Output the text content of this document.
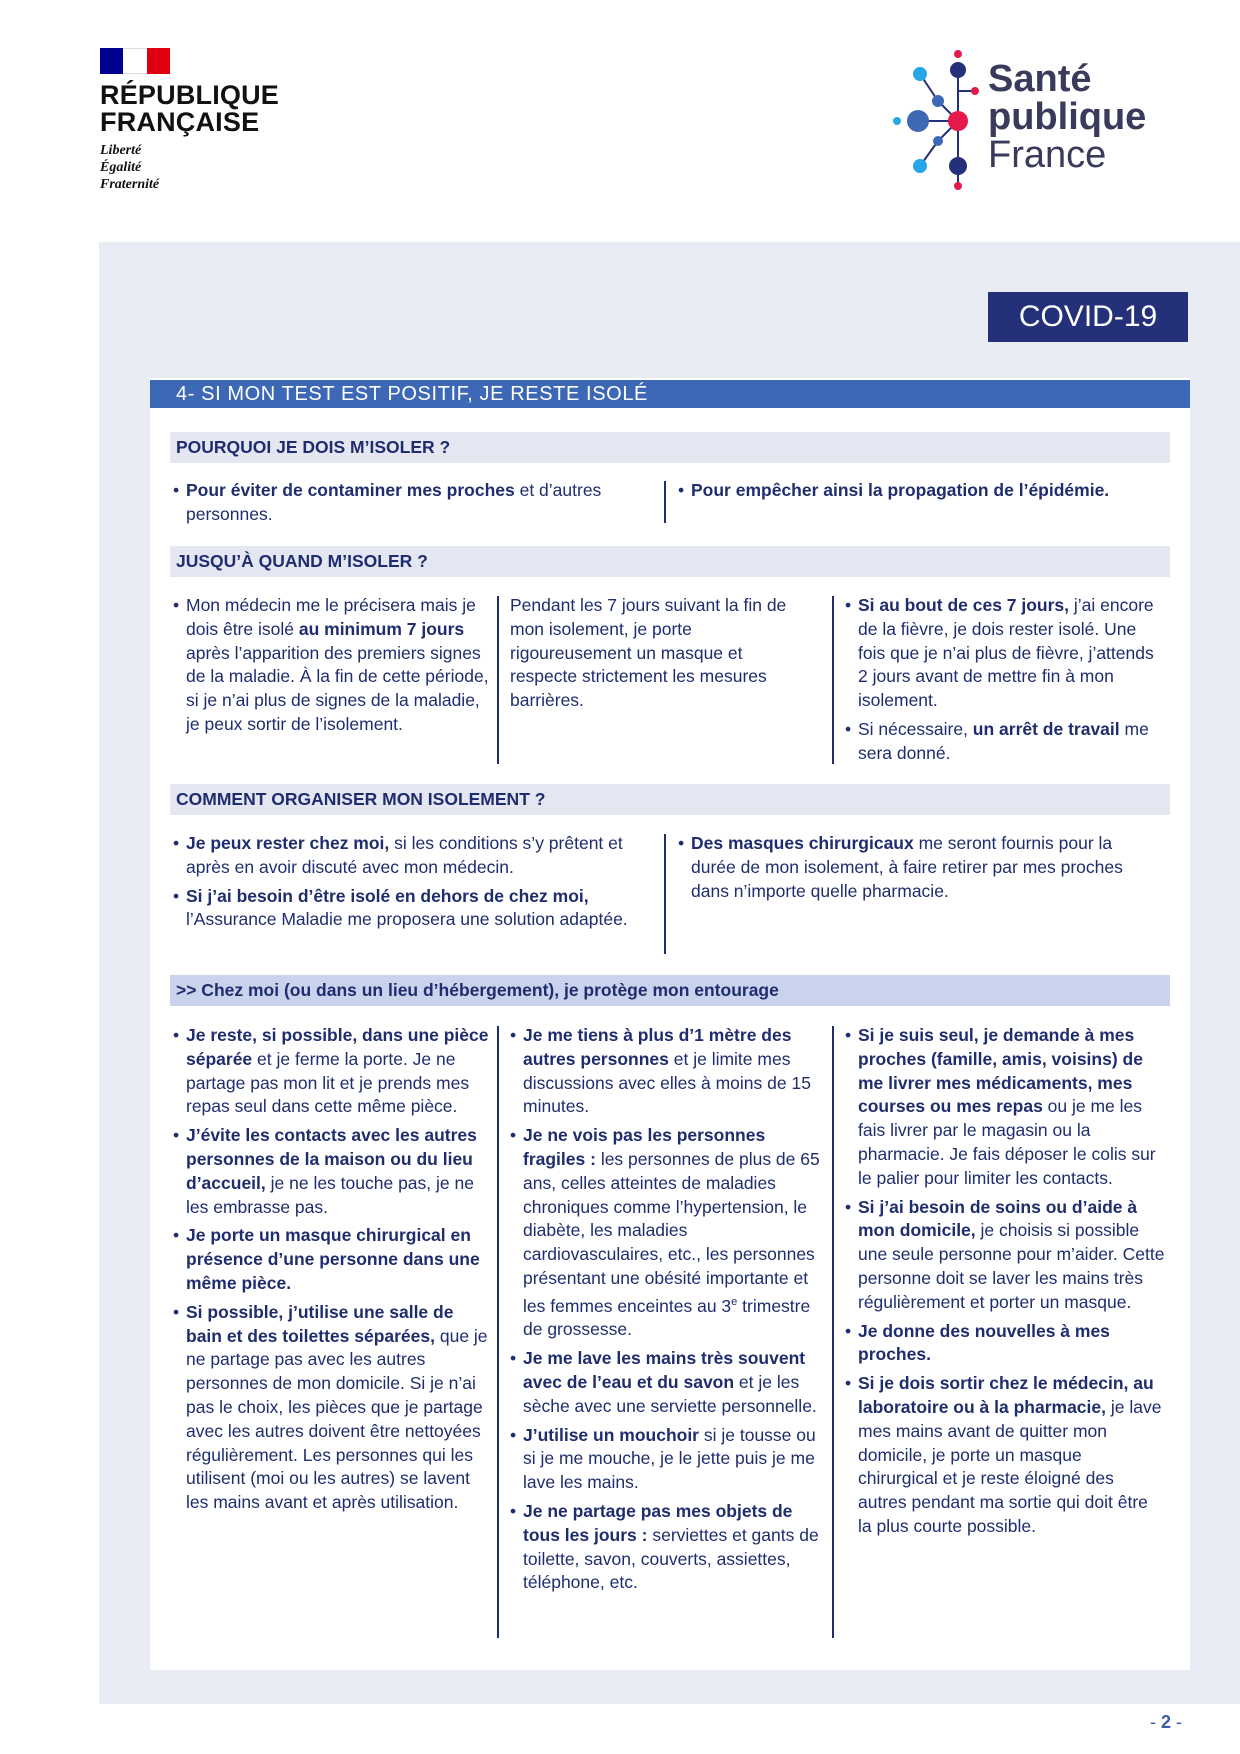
RÉPUBLIQUE
FRANÇAISE
Liberté
Égalité
Fraternité
Santé
publique
France
COVID-19
4- SI MON TEST EST POSITIF, JE RESTE ISOLÉ
POURQUOI JE DOIS M’ISOLER ?
• Pour éviter de contaminer mes proches et d’autres personnes.
• Pour empêcher ainsi la propagation de l’épidémie.
JUSQU’À QUAND M’ISOLER ?
• Mon médecin me le précisera mais je dois être isolé au minimum 7 jours après l’apparition des premiers signes de la maladie. À la fin de cette période, si je n’ai plus de signes de la maladie, je peux sortir de l’isolement.
Pendant les 7 jours suivant la fin de mon isolement, je porte rigoureusement un masque et respecte strictement les mesures barrières.
• Si au bout de ces 7 jours, j’ai encore de la fièvre, je dois rester isolé. Une fois que je n’ai plus de fièvre, j’attends 2 jours avant de mettre fin à mon isolement.
• Si nécessaire, un arrêt de travail me sera donné.
COMMENT ORGANISER MON ISOLEMENT ?
• Je peux rester chez moi, si les conditions s’y prêtent et après en avoir discuté avec mon médecin.
• Si j’ai besoin d’être isolé en dehors de chez moi, l’Assurance Maladie me proposera une solution adaptée.
• Des masques chirurgicaux me seront fournis pour la durée de mon isolement, à faire retirer par mes proches dans n’importe quelle pharmacie.
>> Chez moi (ou dans un lieu d’hébergement), je protège mon entourage
• Je reste, si possible, dans une pièce séparée et je ferme la porte. Je ne partage pas mon lit et je prends mes repas seul dans cette même pièce.
• J’évite les contacts avec les autres personnes de la maison ou du lieu d’accueil, je ne les touche pas, je ne les embrasse pas.
• Je porte un masque chirurgical en présence d’une personne dans une même pièce.
• Si possible, j’utilise une salle de bain et des toilettes séparées, que je ne partage pas avec les autres personnes de mon domicile. Si je n’ai pas le choix, les pièces que je partage avec les autres doivent être nettoyées régulièrement. Les personnes qui les utilisent (moi ou les autres) se lavent les mains avant et après utilisation.
• Je me tiens à plus d’1 mètre des autres personnes et je limite mes discussions avec elles à moins de 15 minutes.
• Je ne vois pas les personnes fragiles : les personnes de plus de 65 ans, celles atteintes de maladies chroniques comme l’hypertension, le diabète, les maladies cardiovasculaires, etc., les personnes présentant une obésité importante et les femmes enceintes au 3e trimestre de grossesse.
• Je me lave les mains très souvent avec de l’eau et du savon et je les sèche avec une serviette personnelle.
• J’utilise un mouchoir si je tousse ou si je me mouche, je le jette puis je me lave les mains.
• Je ne partage pas mes objets de tous les jours : serviettes et gants de toilette, savon, couverts, assiettes, téléphone, etc.
• Si je suis seul, je demande à mes proches (famille, amis, voisins) de me livrer mes médicaments, mes courses ou mes repas ou je me les fais livrer par le magasin ou la pharmacie. Je fais déposer le colis sur le palier pour limiter les contacts.
• Si j’ai besoin de soins ou d’aide à mon domicile, je choisis si possible une seule personne pour m’aider. Cette personne doit se laver les mains très régulièrement et porter un masque.
• Je donne des nouvelles à mes proches.
• Si je dois sortir chez le médecin, au laboratoire ou à la pharmacie, je lave mes mains avant de quitter mon domicile, je porte un masque chirurgical et je reste éloigné des autres pendant ma sortie qui doit être la plus courte possible.
- 2 -
